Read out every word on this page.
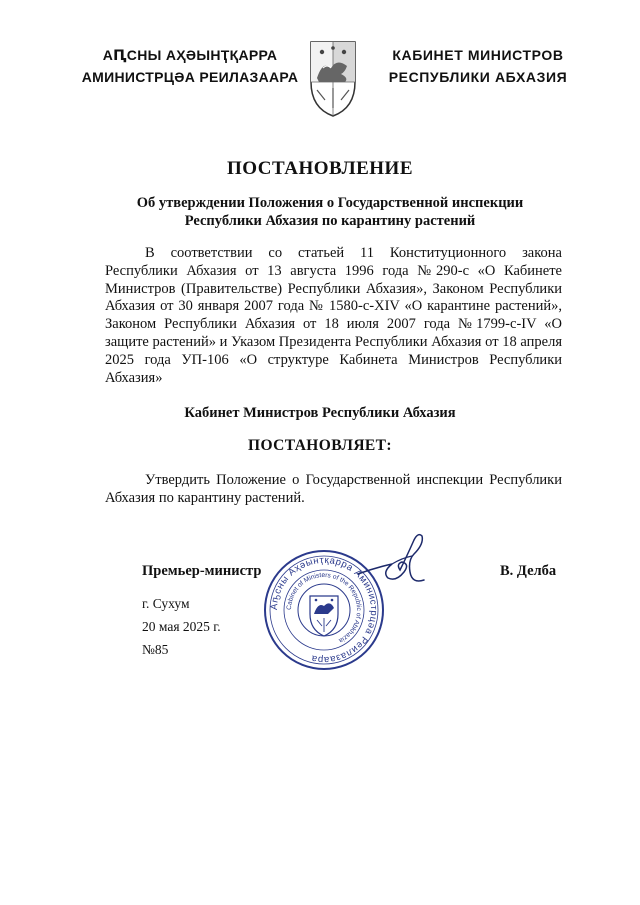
АԤСНЫ АҲӘЫНҬҚАРРА
АМИНИСТРЦӘА РЕИЛАЗААРА
КАБИНЕТ МИНИСТРОВ
РЕСПУБЛИКИ АБХАЗИЯ
ПОСТАНОВЛЕНИЕ
Об утверждении Положения о Государственной инспекции
Республики Абхазия по карантину растений
В соответствии со статьей 11 Конституционного закона Республики Абхазия от 13 августа 1996 года №290-с «О Кабинете Министров (Правительстве) Республики Абхазия», Законом Республики Абхазия от 30 января 2007 года № 1580-с-XIV «О карантине растений», Законом Республики Абхазия от 18 июля 2007 года №1799-с-IV «О защите растений» и Указом Президента Республики Абхазия от 18 апреля 2025 года УП-106 «О структуре Кабинета Министров Республики Абхазия»
Кабинет Министров Республики Абхазия
ПОСТАНОВЛЯЕТ:
Утвердить Положение о Государственной инспекции Республики Абхазия по карантину растений.
Премьер-министр	В. Делба
г. Сухум
20 мая 2025 г.
№85
Аҧсны Аҳәынҭқарра Аминистрцәа Реилазаара
Cabinet of Ministers of the Republic of Abkhazia
